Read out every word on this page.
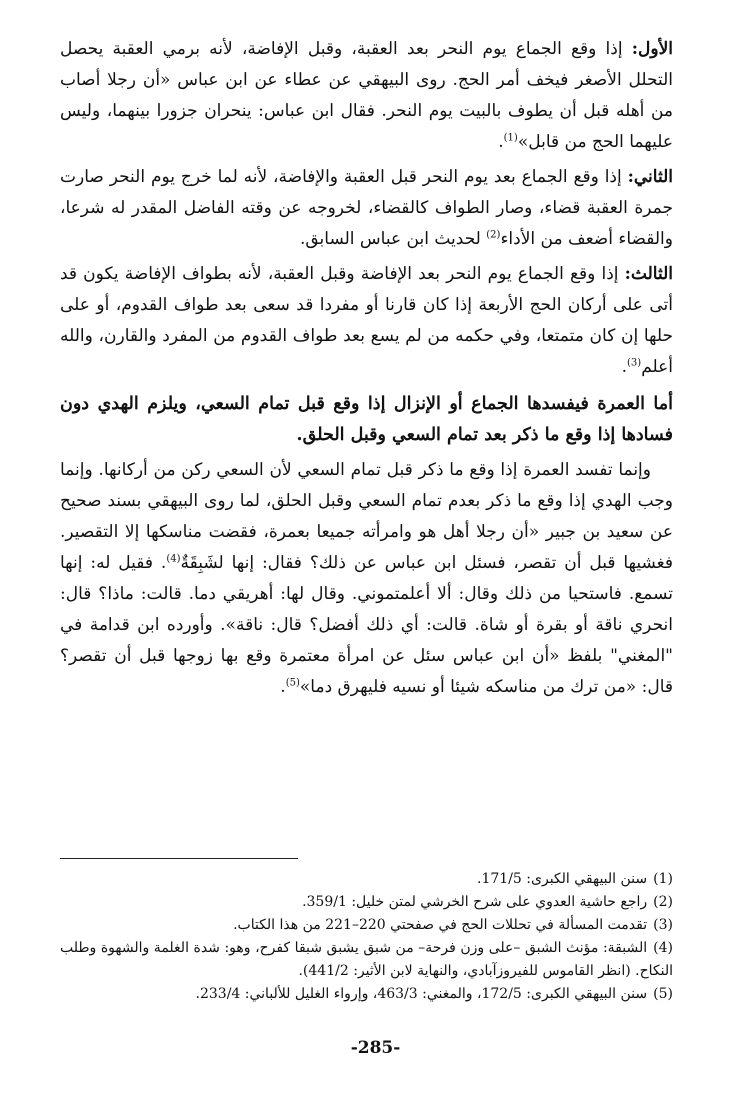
الأول: إذا وقع الجماع يوم النحر بعد العقبة، وقبل الإفاضة، لأنه برمي العقبة يحصل التحلل الأصغر فيخف أمر الحج. روى البيهقي عن عطاء عن ابن عباس «أن رجلا أصاب من أهله قبل أن يطوف بالبيت يوم النحر. فقال ابن عباس: ينحران جزورا بينهما، وليس عليهما الحج من قابل»$^{(1)}$.

الثاني: إذا وقع الجماع بعد يوم النحر قبل العقبة والإفاضة، لأنه لما خرج يوم النحر صارت جمرة العقبة قضاء، وصار الطواف كالقضاء، لخروجه عن وقته الفاضل المقدر له شرعا، والقضاء أضعف من الأداء$^{(2)}$ لحديث ابن عباس السابق.

الثالث: إذا وقع الجماع يوم النحر بعد الإفاضة وقبل العقبة، لأنه بطواف الإفاضة يكون قد أتى على أركان الحج الأربعة إذا كان قارنا أو مفردا قد سعى بعد طواف القدوم، أو على حلها إن كان متمتعا، وفي حكمه من لم يسع بعد طواف القدوم من المفرد والقارن، والله أعلم$^{(3)}$.

أما العمرة فيفسدها الجماع أو الإنزال إذا وقع قبل تمام السعي، ويلزم الهدي دون فسادها إذا وقع ما ذكر بعد تمام السعي وقبل الحلق.

وإنما تفسد العمرة إذا وقع ما ذكر قبل تمام السعي لأن السعي ركن من أركانها. وإنما وجب الهدي إذا وقع ما ذكر بعدم تمام السعي وقبل الحلق، لما روى البيهقي بسند صحيح عن سعيد بن جبير «أن رجلا أهل هو وامرأته جميعا بعمرة، فقضت مناسكها إلا التقصير. فغشيها قبل أن تقصر، فسئل ابن عباس عن ذلك؟ فقال: إنها لشَبِقَةٌ$^{(4)}$. فقيل له: إنها تسمع. فاستحيا من ذلك وقال: ألا أعلمتموني. وقال لها: أهريقي دما. قالت: ماذا؟ قال: انحري ناقة أو بقرة أو شاة. قالت: أي ذلك أفضل؟ قال: ناقة». وأورده ابن قدامة في "المغني" بلفظ «أن ابن عباس سئل عن امرأة معتمرة وقع بها زوجها قبل أن تقصر؟ قال: «من ترك من مناسكه شيئا أو نسيه فليهرق دما»$^{(5)}$.

(1)سنن البيهقي الكبرى: 171/5.

(2)راجع حاشية العدوي على شرح الخرشي لمتن خليل: 359/1.

(3)تقدمت المسألة في تحللات الحج في صفحتي 220–221 من هذا الكتاب.

(4)الشبقة: مؤنث الشبق –على وزن فرحة– من شبق يشبق شبقا كفرح، وهو: شدة الغلمة والشهوة وطلب النكاح. (انظر القاموس للفيروزآبادي، والنهاية لابن الأثير: 441/2).

(5)سنن البيهقي الكبرى: 172/5، والمغني: 463/3، وإرواء الغليل للألباني: 233/4.

-285-
